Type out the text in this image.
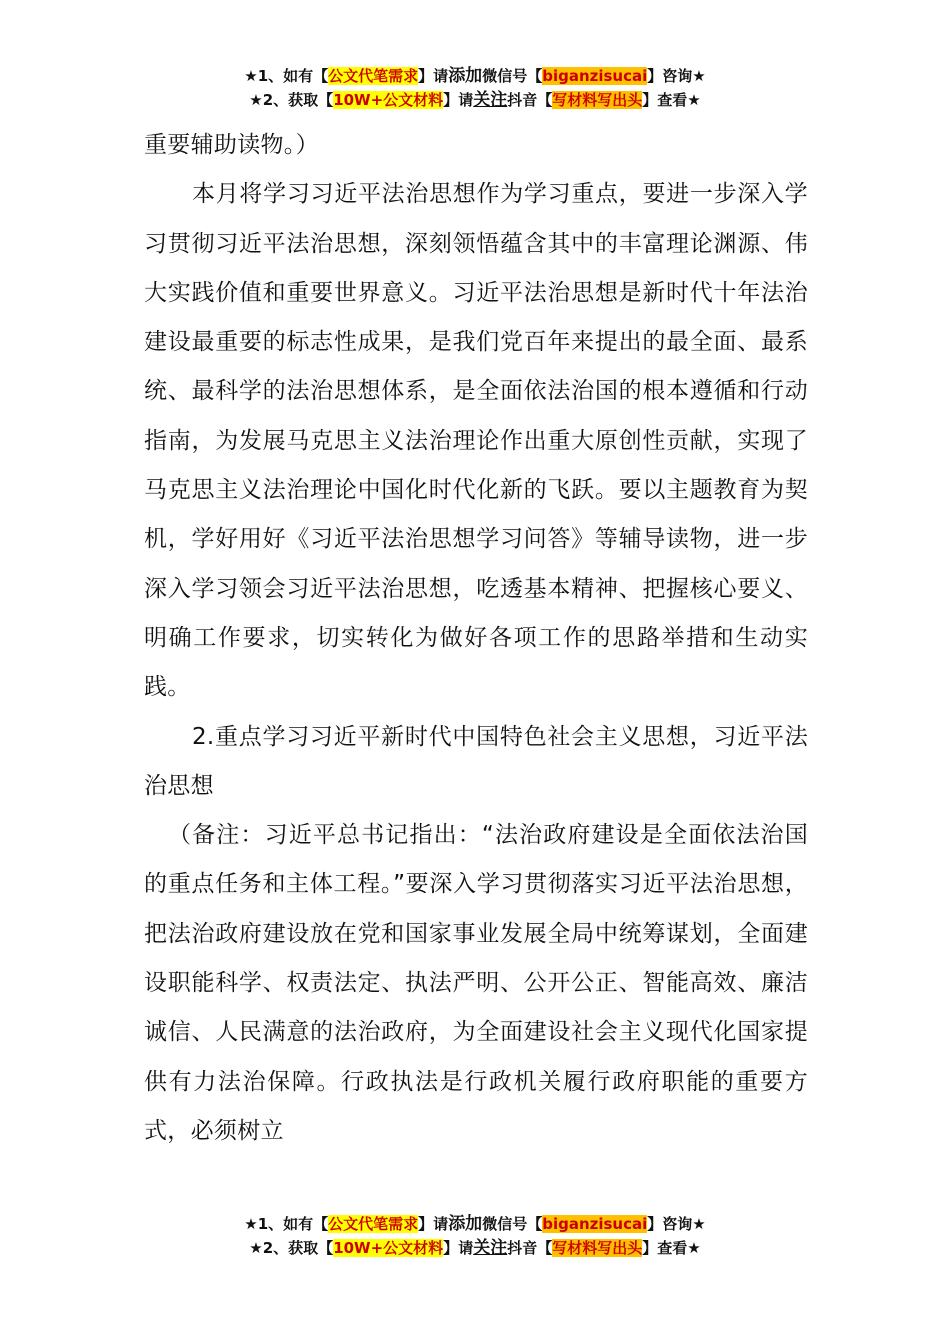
★1、如有【公文代笔需求】请添加微信号【biganzisucai】咨询★
★2、获取【10W+公文材料】请关注抖音【写材料写出头】查看★

重要辅助读物。）

本月将学习习近平法治思想作为学习重点，要进一步深入学习贯彻习近平法治思想，深刻领悟蕴含其中的丰富理论渊源、伟大实践价值和重要世界意义。习近平法治思想是新时代十年法治建设最重要的标志性成果，是我们党百年来提出的最全面、最系统、最科学的法治思想体系，是全面依法治国的根本遵循和行动指南，为发展马克思主义法治理论作出重大原创性贡献，实现了马克思主义法治理论中国化时代化新的飞跃。要以主题教育为契机，学好用好《习近平法治思想学习问答》等辅导读物，进一步深入学习领会习近平法治思想，吃透基本精神、把握核心要义、明确工作要求，切实转化为做好各项工作的思路举措和生动实践。

2.重点学习习近平新时代中国特色社会主义思想，习近平法治思想

（备注：习近平总书记指出：“法治政府建设是全面依法治国的重点任务和主体工程。”要深入学习贯彻落实习近平法治思想，把法治政府建设放在党和国家事业发展全局中统筹谋划，全面建设职能科学、权责法定、执法严明、公开公正、智能高效、廉洁诚信、人民满意的法治政府，为全面建设社会主义现代化国家提供有力法治保障。行政执法是行政机关履行政府职能的重要方式，必须树立

★1、如有【公文代笔需求】请添加微信号【biganzisucai】咨询★
★2、获取【10W+公文材料】请关注抖音【写材料写出头】查看★
